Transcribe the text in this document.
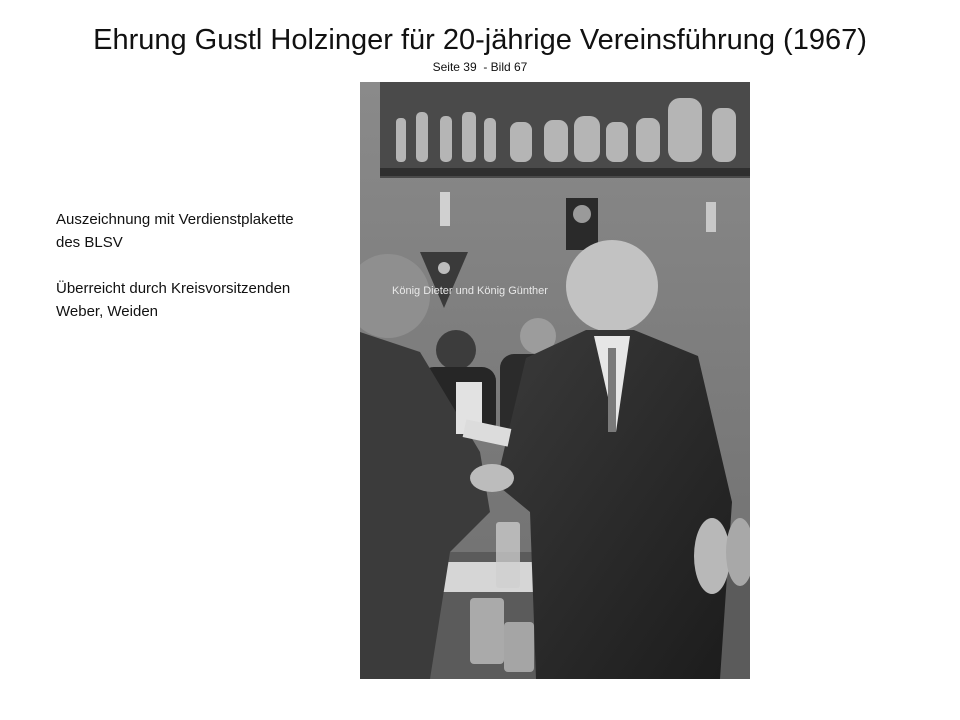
Ehrung Gustl Holzinger für 20-jährige Vereinsführung (1967)
Seite 39  - Bild 67

Auszeichnung mit Verdienstplakette

des BLSV

Überreicht durch Kreisvorsitzenden

Weber, Weiden

König Dieter und König Günther
